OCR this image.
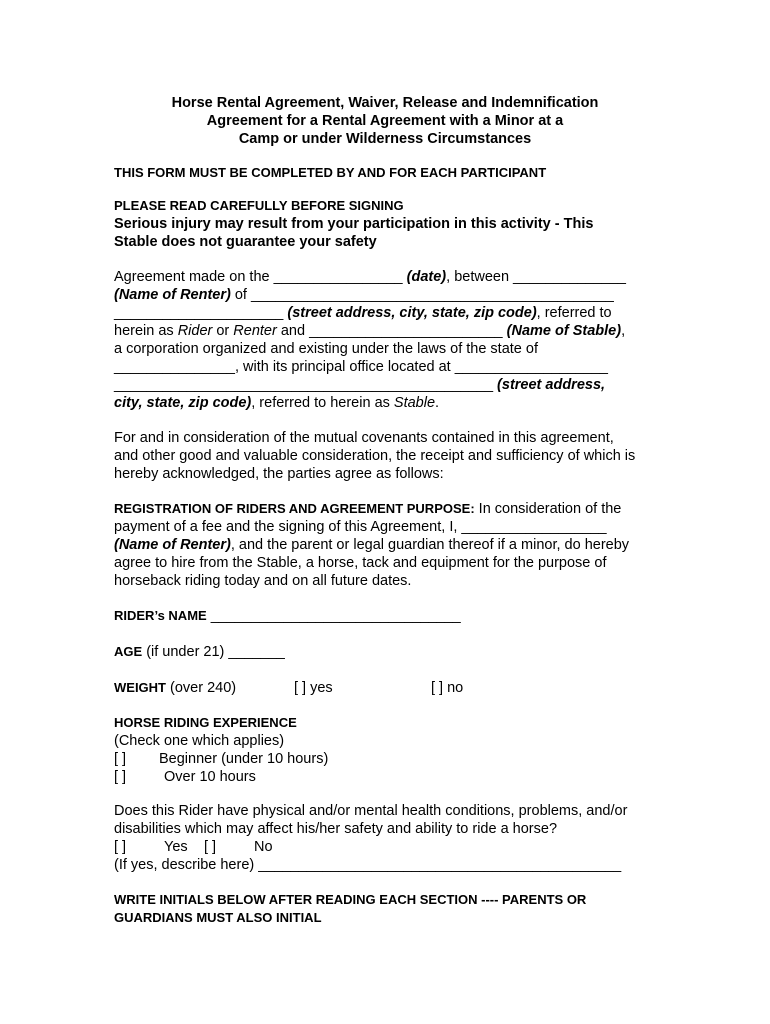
Horse Rental Agreement, Waiver, Release and Indemnification
Agreement for a Rental Agreement with a Minor at a
Camp or under Wilderness Circumstances
THIS FORM MUST BE COMPLETED BY AND FOR EACH PARTICIPANT
PLEASE READ CAREFULLY BEFORE SIGNING
Serious injury may result from your participation in this activity - This
Stable does not guarantee your safety
Agreement made on the ________________ (date), between ______________
(Name of Renter) of _____________________________________________
_____________________ (street address, city, state, zip code), referred to
herein as Rider or Renter and ________________________ (Name of Stable),
a corporation organized and existing under the laws of the state of
_______________, with its principal office located at ___________________
_______________________________________________ (street address,
city, state, zip code), referred to herein as Stable.
For and in consideration of the mutual covenants contained in this agreement,
and other good and valuable consideration, the receipt and sufficiency of which is
hereby acknowledged, the parties agree as follows:
REGISTRATION OF RIDERS AND AGREEMENT PURPOSE: In consideration of the
payment of a fee and the signing of this Agreement, I, __________________
(Name of Renter), and the parent or legal guardian thereof if a minor, do hereby
agree to hire from the Stable, a horse, tack and equipment for the purpose of
horseback riding today and on all future dates.
RIDER’s NAME _______________________________
AGE (if under 21) _______
WEIGHT (over 240)	[ ] yes	[ ] no
HORSE RIDING EXPERIENCE
(Check one which applies)
[ ] Beginner (under 10 hours)
[ ]	Over 10 hours
Does this Rider have physical and/or mental health conditions, problems, and/or
disabilities which may affect his/her safety and ability to ride a horse?
[ ]	Yes [ ]	No
(If yes, describe here) _____________________________________________
WRITE INITIALS BELOW AFTER READING EACH SECTION ---- PARENTS OR
GUARDIANS MUST ALSO INITIAL
